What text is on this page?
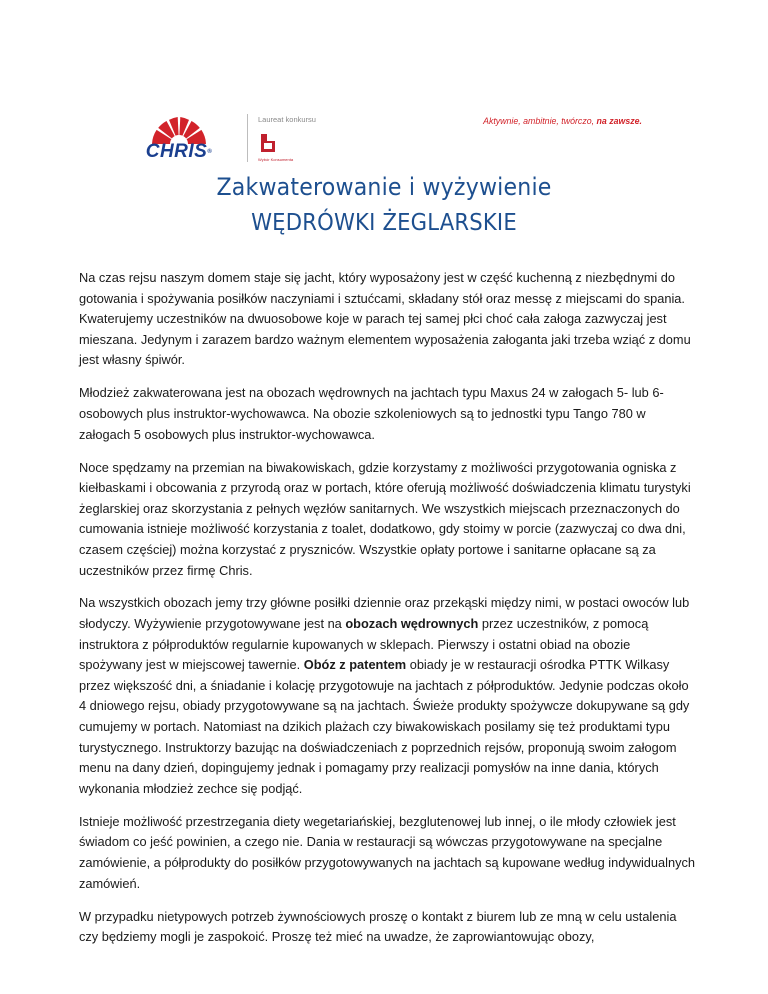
CHRIS®
Laureat konkursu
Wybór Konsumenta
Aktywnie, ambitnie, twórczo, na zawsze.
Zakwaterowanie i wyżywienie
WĘDRÓWKI ŻEGLARSKIE

Na czas rejsu naszym domem staje się jacht, który wyposażony jest w część kuchenną z niezbędnymi do gotowania i spożywania posiłków naczyniami i sztućcami, składany stół oraz messę z miejscami do spania. Kwaterujemy uczestników na dwuosobowe koje w parach tej samej płci choć cała załoga zazwyczaj jest mieszana. Jedynym i zarazem bardzo ważnym elementem wyposażenia załoganta jaki trzeba wziąć z domu jest własny śpiwór.

Młodzież zakwaterowana jest na obozach wędrownych na jachtach typu Maxus 24 w załogach 5- lub 6-osobowych plus instruktor-wychowawca. Na obozie szkoleniowych są to jednostki typu Tango 780 w załogach 5 osobowych plus instruktor-wychowawca.

Noce spędzamy na przemian na biwakowiskach, gdzie korzystamy z możliwości przygotowania ogniska z kiełbaskami i obcowania z przyrodą oraz w portach, które oferują możliwość doświadczenia klimatu turystyki żeglarskiej oraz skorzystania z pełnych węzłów sanitarnych. We wszystkich miejscach przeznaczonych do cumowania istnieje możliwość korzystania z toalet, dodatkowo, gdy stoimy w porcie (zazwyczaj co dwa dni, czasem częściej) można korzystać z pryszniców. Wszystkie opłaty portowe i sanitarne opłacane są za uczestników przez firmę Chris.

Na wszystkich obozach jemy trzy główne posiłki dziennie oraz przekąski między nimi, w postaci owoców lub słodyczy. Wyżywienie przygotowywane jest na obozach wędrownych przez uczestników, z pomocą instruktora z półproduktów regularnie kupowanych w sklepach. Pierwszy i ostatni obiad na obozie spożywany jest w miejscowej tawernie. Obóz z patentem obiady je w restauracji ośrodka PTTK Wilkasy przez większość dni, a śniadanie i kolację przygotowuje na jachtach z półproduktów. Jedynie podczas około 4 dniowego rejsu, obiady przygotowywane są na jachtach. Świeże produkty spożywcze dokupywane są gdy cumujemy w portach. Natomiast na dzikich plażach czy biwakowiskach posilamy się też produktami typu turystycznego. Instruktorzy bazując na doświadczeniach z poprzednich rejsów, proponują swoim załogom menu na dany dzień, dopingujemy jednak i pomagamy przy realizacji pomysłów na inne dania, których wykonania młodzież zechce się podjąć.

Istnieje możliwość przestrzegania diety wegetariańskiej, bezglutenowej lub innej, o ile młody człowiek jest świadom co jeść powinien, a czego nie. Dania w restauracji są wówczas przygotowywane na specjalne zamówienie, a półprodukty do posiłków przygotowywanych na jachtach są kupowane według indywidualnych zamówień.

W przypadku nietypowych potrzeb żywnościowych proszę o kontakt z biurem lub ze mną w celu ustalenia czy będziemy mogli je zaspokoić. Proszę też mieć na uwadze, że zaprowiantowując obozy,
